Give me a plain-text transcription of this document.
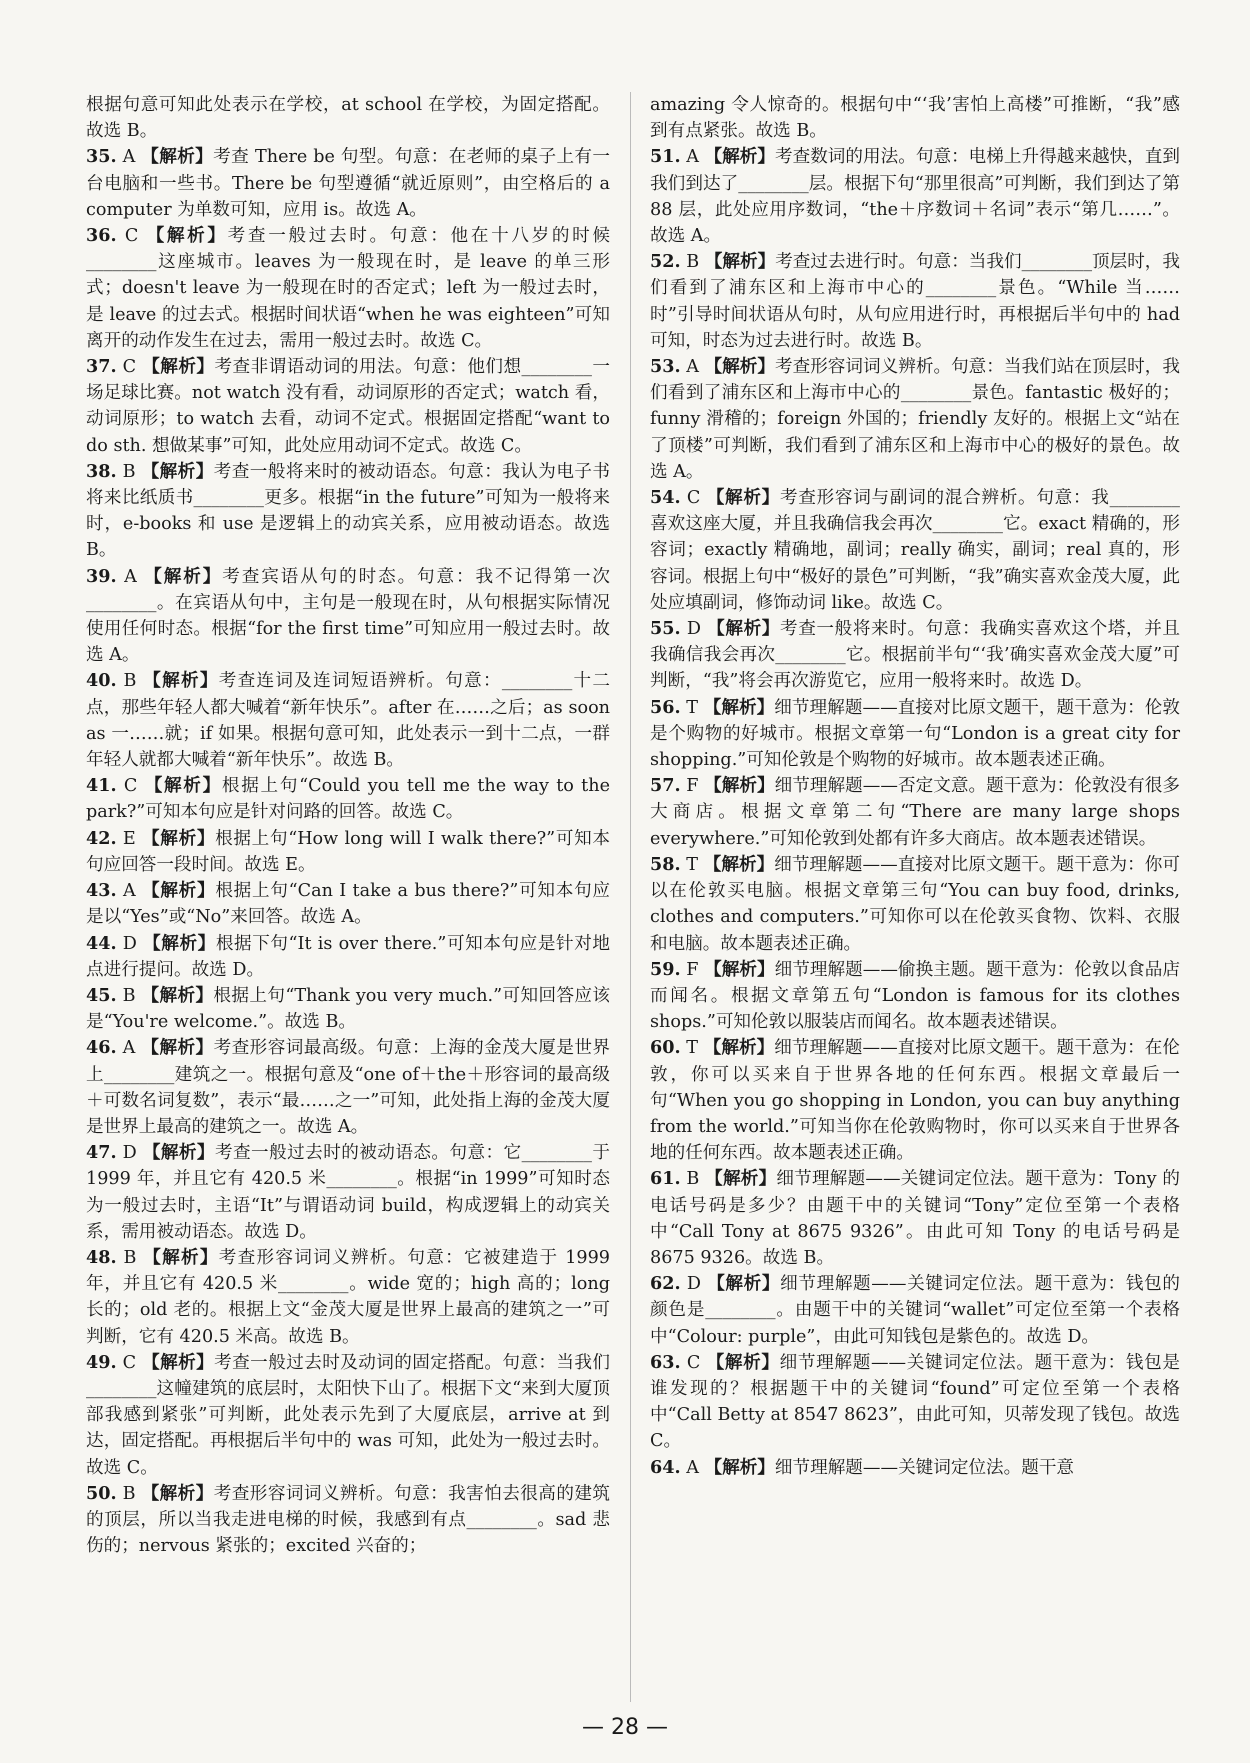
根据句意可知此处表示在学校，at school 在学校，为固定搭配。故选 B。

35. A 【解析】考查 There be 句型。句意：在老师的桌子上有一台电脑和一些书。There be 句型遵循“就近原则”，由空格后的 a computer 为单数可知，应用 is。故选 A。

36. C 【解析】考查一般过去时。句意：他在十八岁的时候________这座城市。leaves 为一般现在时，是 leave 的单三形式；doesn't leave 为一般现在时的否定式；left 为一般过去时，是 leave 的过去式。根据时间状语“when he was eighteen”可知离开的动作发生在过去，需用一般过去时。故选 C。

37. C 【解析】考查非谓语动词的用法。句意：他们想________一场足球比赛。not watch 没有看，动词原形的否定式；watch 看，动词原形；to watch 去看，动词不定式。根据固定搭配“want to do sth. 想做某事”可知，此处应用动词不定式。故选 C。

38. B 【解析】考查一般将来时的被动语态。句意：我认为电子书将来比纸质书________更多。根据“in the future”可知为一般将来时，e-books 和 use 是逻辑上的动宾关系，应用被动语态。故选 B。

39. A 【解析】考查宾语从句的时态。句意：我不记得第一次________。在宾语从句中，主句是一般现在时，从句根据实际情况使用任何时态。根据“for the first time”可知应用一般过去时。故选 A。

40. B 【解析】考查连词及连词短语辨析。句意：________十二点，那些年轻人都大喊着“新年快乐”。after 在……之后；as soon as 一……就；if 如果。根据句意可知，此处表示一到十二点，一群年轻人就都大喊着“新年快乐”。故选 B。

41. C 【解析】根据上句“Could you tell me the way to the park?”可知本句应是针对问路的回答。故选 C。

42. E 【解析】根据上句“How long will I walk there?”可知本句应回答一段时间。故选 E。

43. A 【解析】根据上句“Can I take a bus there?”可知本句应是以“Yes”或“No”来回答。故选 A。

44. D 【解析】根据下句“It is over there.”可知本句应是针对地点进行提问。故选 D。

45. B 【解析】根据上句“Thank you very much.”可知回答应该是“You're welcome.”。故选 B。

46. A 【解析】考查形容词最高级。句意：上海的金茂大厦是世界上________建筑之一。根据句意及“one of＋the＋形容词的最高级＋可数名词复数”，表示“最……之一”可知，此处指上海的金茂大厦是世界上最高的建筑之一。故选 A。

47. D 【解析】考查一般过去时的被动语态。句意：它________于 1999 年，并且它有 420.5 米________。根据“in 1999”可知时态为一般过去时，主语“It”与谓语动词 build，构成逻辑上的动宾关系，需用被动语态。故选 D。

48. B 【解析】考查形容词词义辨析。句意：它被建造于 1999 年，并且它有 420.5 米________。wide 宽的；high 高的；long 长的；old 老的。根据上文“金茂大厦是世界上最高的建筑之一”可判断，它有 420.5 米高。故选 B。

49. C 【解析】考查一般过去时及动词的固定搭配。句意：当我们________这幢建筑的底层时，太阳快下山了。根据下文“来到大厦顶部我感到紧张”可判断，此处表示先到了大厦底层，arrive at 到达，固定搭配。再根据后半句中的 was 可知，此处为一般过去时。故选 C。

50. B 【解析】考查形容词词义辨析。句意：我害怕去很高的建筑的顶层，所以当我走进电梯的时候，我感到有点________。sad 悲伤的；nervous 紧张的；excited 兴奋的；

amazing 令人惊奇的。根据句中“‘我’害怕上高楼”可推断，“我”感到有点紧张。故选 B。

51. A 【解析】考查数词的用法。句意：电梯上升得越来越快，直到我们到达了________层。根据下句“那里很高”可判断，我们到达了第 88 层，此处应用序数词，“the＋序数词＋名词”表示“第几……”。故选 A。

52. B 【解析】考查过去进行时。句意：当我们________顶层时，我们看到了浦东区和上海市中心的________景色。“While 当……时”引导时间状语从句时，从句应用进行时，再根据后半句中的 had 可知，时态为过去进行时。故选 B。

53. A 【解析】考查形容词词义辨析。句意：当我们站在顶层时，我们看到了浦东区和上海市中心的________景色。fantastic 极好的；funny 滑稽的；foreign 外国的；friendly 友好的。根据上文“站在了顶楼”可判断，我们看到了浦东区和上海市中心的极好的景色。故选 A。

54. C 【解析】考查形容词与副词的混合辨析。句意：我________喜欢这座大厦，并且我确信我会再次________它。exact 精确的，形容词；exactly 精确地，副词；really 确实，副词；real 真的，形容词。根据上句中“极好的景色”可判断，“我”确实喜欢金茂大厦，此处应填副词，修饰动词 like。故选 C。

55. D 【解析】考查一般将来时。句意：我确实喜欢这个塔，并且我确信我会再次________它。根据前半句“‘我’确实喜欢金茂大厦”可判断，“我”将会再次游览它，应用一般将来时。故选 D。

56. T 【解析】细节理解题——直接对比原文题干，题干意为：伦敦是个购物的好城市。根据文章第一句“London is a great city for shopping.”可知伦敦是个购物的好城市。故本题表述正确。

57. F 【解析】细节理解题——否定文意。题干意为：伦敦没有很多大商店。根据文章第二句“There are many large shops everywhere.”可知伦敦到处都有许多大商店。故本题表述错误。

58. T 【解析】细节理解题——直接对比原文题干。题干意为：你可以在伦敦买电脑。根据文章第三句“You can buy food, drinks, clothes and computers.”可知你可以在伦敦买食物、饮料、衣服和电脑。故本题表述正确。

59. F 【解析】细节理解题——偷换主题。题干意为：伦敦以食品店而闻名。根据文章第五句“London is famous for its clothes shops.”可知伦敦以服装店而闻名。故本题表述错误。

60. T 【解析】细节理解题——直接对比原文题干。题干意为：在伦敦，你可以买来自于世界各地的任何东西。根据文章最后一句“When you go shopping in London, you can buy anything from the world.”可知当你在伦敦购物时，你可以买来自于世界各地的任何东西。故本题表述正确。

61. B 【解析】细节理解题——关键词定位法。题干意为：Tony 的电话号码是多少？由题干中的关键词“Tony”定位至第一个表格中“Call Tony at 8675 9326”。由此可知 Tony 的电话号码是 8675 9326。故选 B。

62. D 【解析】细节理解题——关键词定位法。题干意为：钱包的颜色是________。由题干中的关键词“wallet”可定位至第一个表格中“Colour: purple”，由此可知钱包是紫色的。故选 D。

63. C 【解析】细节理解题——关键词定位法。题干意为：钱包是谁发现的？根据题干中的关键词“found”可定位至第一个表格中“Call Betty at 8547 8623”，由此可知，贝蒂发现了钱包。故选 C。

64. A 【解析】细节理解题——关键词定位法。题干意

— 28 —
